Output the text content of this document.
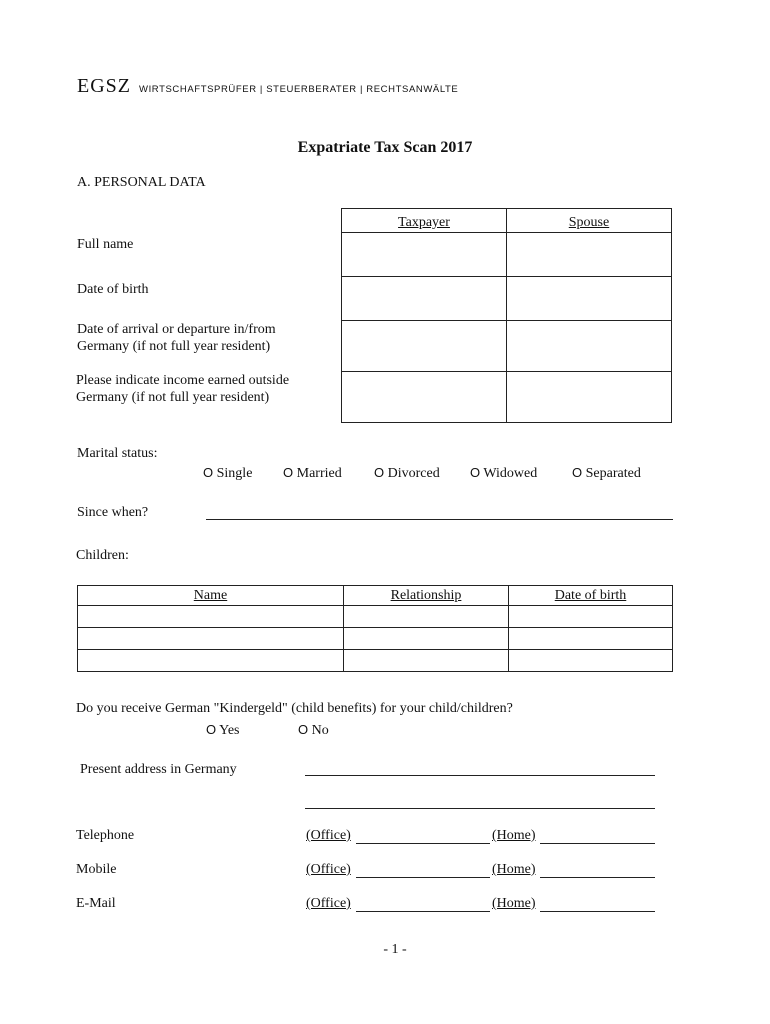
EGSZ WIRTSCHAFTSPRÜFER | STEUERBERATER | RECHTSANWÄLTE
Expatriate Tax Scan 2017
A. PERSONAL DATA
Taxpayer	Spouse

Full name
Date of birth
Date of arrival or departure in/from
Germany (if not full year resident)
Please indicate income earned outside
Germany (if not full year resident)
Marital status:
O Single O Married O Divorced O Widowed	O Separated
Since when?
Children:
Name	Relationship	Date of birth

Do you receive German "Kindergeld" (child benefits) for your child/children?
O Yes	O No
Present address in Germany
Telephone	(Office)	(Home)
Mobile	(Office)	(Home)
E-Mail	(Office)	(Home)
- 1 -
